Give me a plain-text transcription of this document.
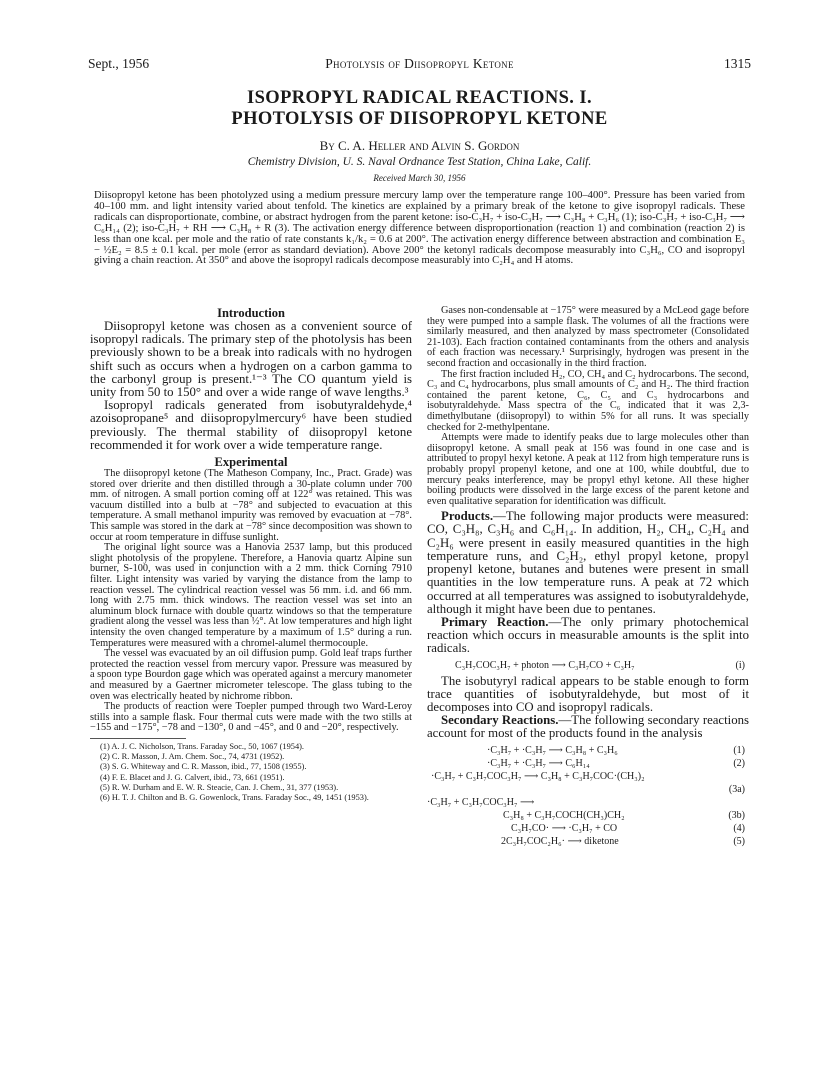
Sept., 1956	Photolysis of Diisopropyl Ketone	1315
ISOPROPYL RADICAL REACTIONS. I.
PHOTOLYSIS OF DIISOPROPYL KETONE
By C. A. Heller and Alvin S. Gordon
Chemistry Division, U. S. Naval Ordnance Test Station, China Lake, Calif.
Received March 30, 1956
Diisopropyl ketone has been photolyzed using a medium pressure mercury lamp over the temperature range 100–400°. Pressure has been varied from 40–100 mm. and light intensity varied about tenfold. The kinetics are explained by a primary break of the ketone to give isopropyl radicals. These radicals can disproportionate, combine, or abstract hydrogen from the parent ketone: iso-C₃H₇ + iso-C₃H₇ ⟶ C₃H₈ + C₃H₆ (1); iso-C₃H₇ + iso-C₃H₇ ⟶ C₆H₁₄ (2); iso-C₃H₇ + RH ⟶ C₃H₈ + R (3). The activation energy difference between disproportionation (reaction 1) and combination (reaction 2) is less than one kcal. per mole and the ratio of rate constants k₁/k₂ = 0.6 at 200°. The activation energy difference between abstraction and combination E₃ − ½E₂ = 8.5 ± 0.1 kcal. per mole (error as standard deviation). Above 200° the ketonyl radicals decompose measurably into C₃H₆, CO and isopropyl giving a chain reaction. At 350° and above the isopropyl radicals decompose measurably into C₂H₄ and H atoms.

Introduction

Diisopropyl ketone was chosen as a convenient source of isopropyl radicals. The primary step of the photolysis has been previously shown to be a break into radicals with no hydrogen shift such as occurs when a hydrogen on a carbon gamma to the carbonyl group is present.¹⁻³ The CO quantum yield is unity from 50 to 150° and over a wide range of wave lengths.³

Isopropyl radicals generated from isobutyraldehyde,⁴ azoisopropane⁵ and diisopropylmercury⁶ have been studied previously. The thermal stability of diisopropyl ketone recommended it for work over a wide temperature range.

Experimental

The diisopropyl ketone (The Matheson Company, Inc., Pract. Grade) was stored over drierite and then distilled through a 30-plate column under 700 mm. of nitrogen. A small portion coming off at 122° was retained. This was vacuum distilled into a bulb at −78° and subjected to evacuation at this temperature. A small methanol impurity was removed by evacuation at −78°. This sample was stored in the dark at −78° since decomposition was shown to occur at room temperature in diffuse sunlight.

The original light source was a Hanovia 2537 lamp, but this produced slight photolysis of the propylene. Therefore, a Hanovia quartz Alpine sun burner, S-100, was used in conjunction with a 2 mm. thick Corning 7910 filter. Light intensity was varied by varying the distance from the lamp to reaction vessel. The cylindrical reaction vessel was 56 mm. i.d. and 66 mm. long with 2.75 mm. thick windows. The reaction vessel was set into an aluminum block furnace with double quartz windows so that the temperature gradient along the vessel was less than ½°. At low temperatures and high light intensity the oven changed temperature by a maximum of 1.5° during a run. Temperatures were measured with a chromel-alumel thermocouple.

The vessel was evacuated by an oil diffusion pump. Gold leaf traps further protected the reaction vessel from mercury vapor. Pressure was measured by a spoon type Bourdon gage which was operated against a mercury manometer and measured by a Gaertner micrometer telescope. The glass tubing to the oven was electrically heated by nichrome ribbon.

The products of reaction were Toepler pumped through two Ward-Leroy stills into a sample flask. Four thermal cuts were made with the two stills at −155 and −175°, −78 and −130°, 0 and −45°, and 0 and −20°, respectively.

(1) A. J. C. Nicholson, Trans. Faraday Soc., 50, 1067 (1954).

(2) C. R. Masson, J. Am. Chem. Soc., 74, 4731 (1952).

(3) S. G. Whiteway and C. R. Masson, ibid., 77, 1508 (1955).

(4) F. E. Blacet and J. G. Calvert, ibid., 73, 661 (1951).

(5) R. W. Durham and E. W. R. Steacie, Can. J. Chem., 31, 377 (1953).

(6) H. T. J. Chilton and B. G. Gowenlock, Trans. Faraday Soc., 49, 1451 (1953).

Gases non-condensable at −175° were measured by a McLeod gage before they were pumped into a sample flask. The volumes of all the fractions were similarly measured, and then analyzed by mass spectrometer (Consolidated 21-103). Each fraction contained contaminants from the others and analysis of each fraction was necessary.¹ Surprisingly, hydrogen was present in the second fraction and occasionally in the third fraction.

The first fraction included H₂, CO, CH₄ and C₂ hydrocarbons. The second, C₃ and C₄ hydrocarbons, plus small amounts of C₂ and H₂. The third fraction contained the parent ketone, C₆, C₅ and C₃ hydrocarbons and isobutyraldehyde. Mass spectra of the C₆ indicated that it was 2,3-dimethylbutane (diisopropyl) to within 5% for all runs. It was specially checked for 2-methylpentane.

Attempts were made to identify peaks due to large molecules other than diisopropyl ketone. A small peak at 156 was found in one case and is attributed to propyl hexyl ketone. A peak at 112 from high temperature runs is probably propyl propenyl ketone, and one at 100, while doubtful, due to mercury peaks interference, may be propyl ethyl ketone. All these higher boiling products were dissolved in the large excess of the parent ketone and even qualitative separation for identification was difficult.

Products.—The following major products were measured: CO, C₃H₈, C₃H₆ and C₆H₁₄. In addition, H₂, CH₄, C₂H₄ and C₂H₆ were present in easily measured quantities in the high temperature runs, and C₂H₂, ethyl propyl ketone, propyl propenyl ketone, butanes and butenes were present in small quantities in the low temperature runs. A peak at 72 which occurred at all temperatures was assigned to isobutyraldehyde, although it might have been due to pentanes.

Primary Reaction.—The only primary photochemical reaction which occurs in measurable amounts is the split into radicals.

C₃H₇COC₃H₇ + photon ⟶ C₃H₇CO + C₃H₇	(i)

The isobutyryl radical appears to be stable enough to form trace quantities of isobutyraldehyde, but most of it decomposes into CO and isopropyl radicals.

Secondary Reactions.—The following secondary reactions account for most of the products found in the analysis

·C₃H₇ + ·C₃H₇ ⟶ C₃H₈ + C₃H₆	(1)

·C₃H₇ + ·C₃H₇ ⟶ C₆H₁₄	(2)

·C₃H₇ + C₃H₇COC₃H₇ ⟶ C₃H₈ + C₃H₇COC·(CH₃)₂

(3a)

·C₃H₇ + C₃H₇COC₃H₇ ⟶

C₃H₈ + C₃H₇COCH(CH₃)CH₂	(3b)

C₃H₇CO· ⟶ ·C₃H₇ + CO	(4)

2C₃H₇COC₂H₆· ⟶ diketone	(5)
